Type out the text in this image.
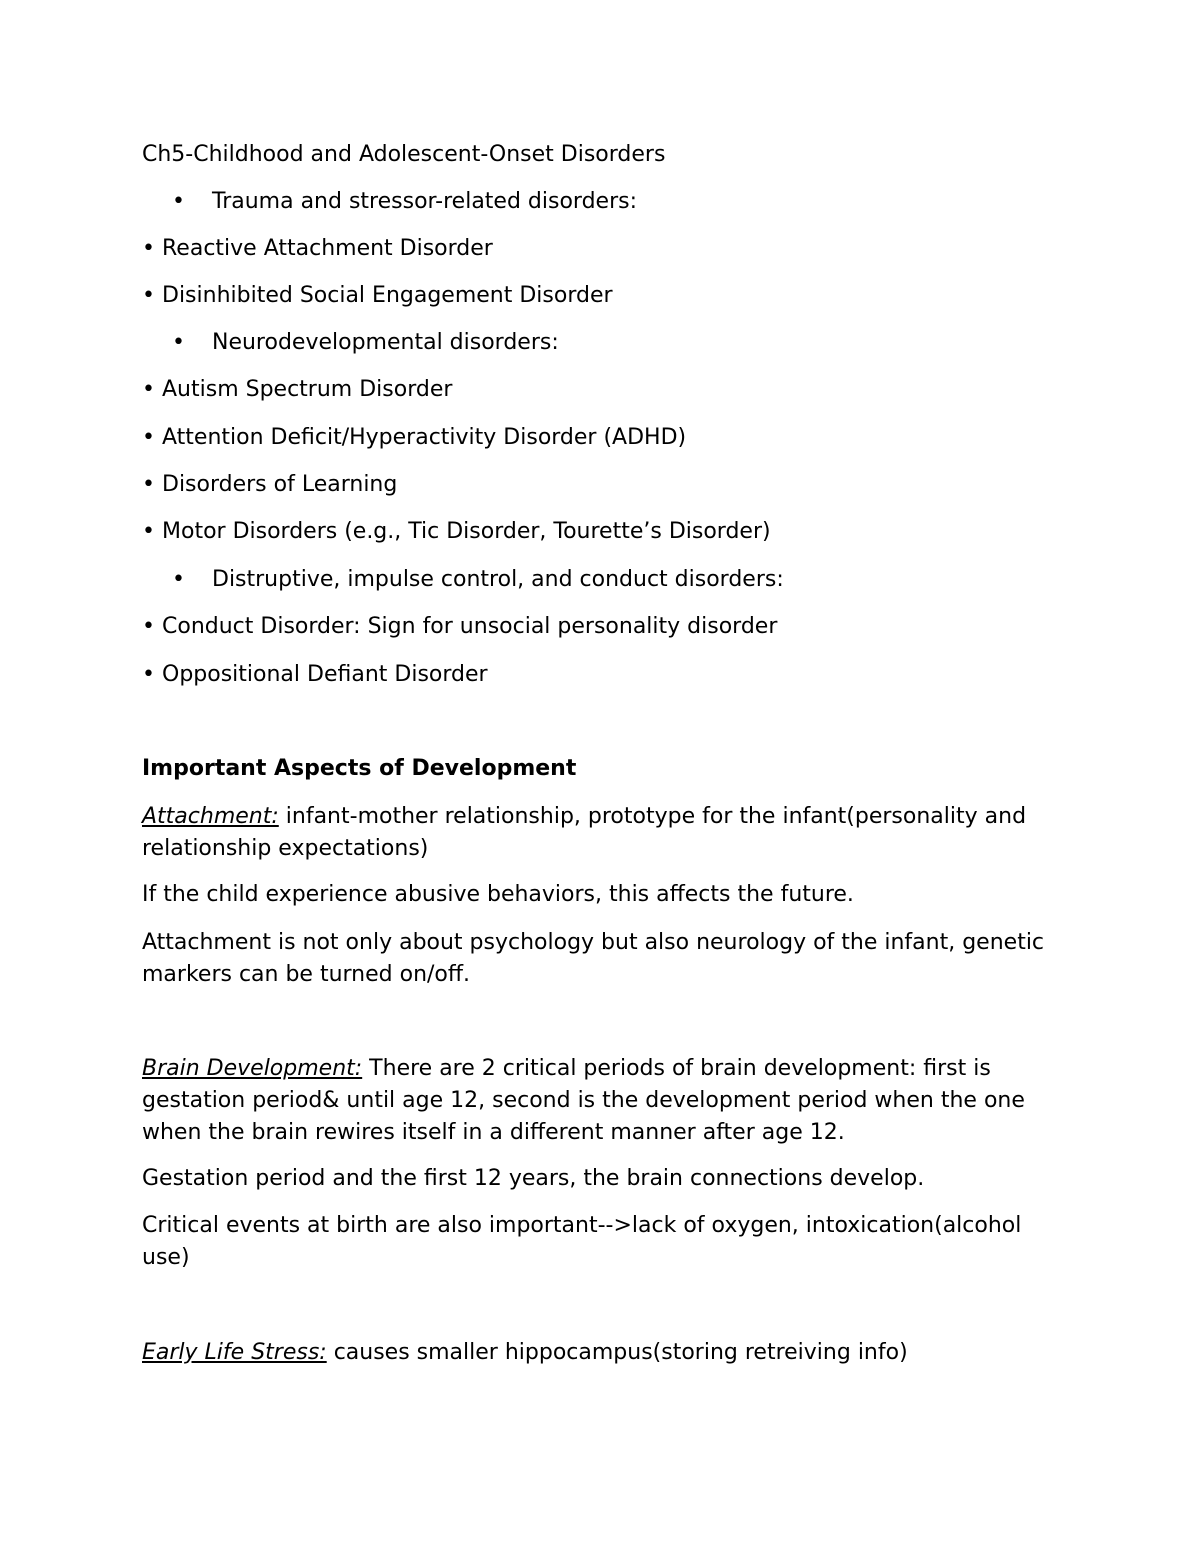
Ch5-Childhood and Adolescent-Onset Disorders
• Trauma and stressor-related disorders:
• Reactive Attachment Disorder
• Disinhibited Social Engagement Disorder
• Neurodevelopmental disorders:
• Autism Spectrum Disorder
• Attention Deficit/Hyperactivity Disorder (ADHD)
• Disorders of Learning
• Motor Disorders (e.g., Tic Disorder, Tourette’s Disorder)
• Distruptive, impulse control, and conduct disorders:
• Conduct Disorder: Sign for unsocial personality disorder
• Oppositional Defiant Disorder
Important Aspects of Development
Attachment: infant-mother relationship, prototype for the infant(personality and relationship expectations)
If the child experience abusive behaviors, this affects the future.
Attachment is not only about psychology but also neurology of the infant, genetic markers can be turned on/off.
Brain Development: There are 2 critical periods of brain development: first is gestation period& until age 12, second is the development period when the one when the brain rewires itself in a different manner after age 12.
Gestation period and the first 12 years, the brain connections develop.
Critical events at birth are also important-->lack of oxygen, intoxication(alcohol use)
Early Life Stress: causes smaller hippocampus(storing retreiving info)
